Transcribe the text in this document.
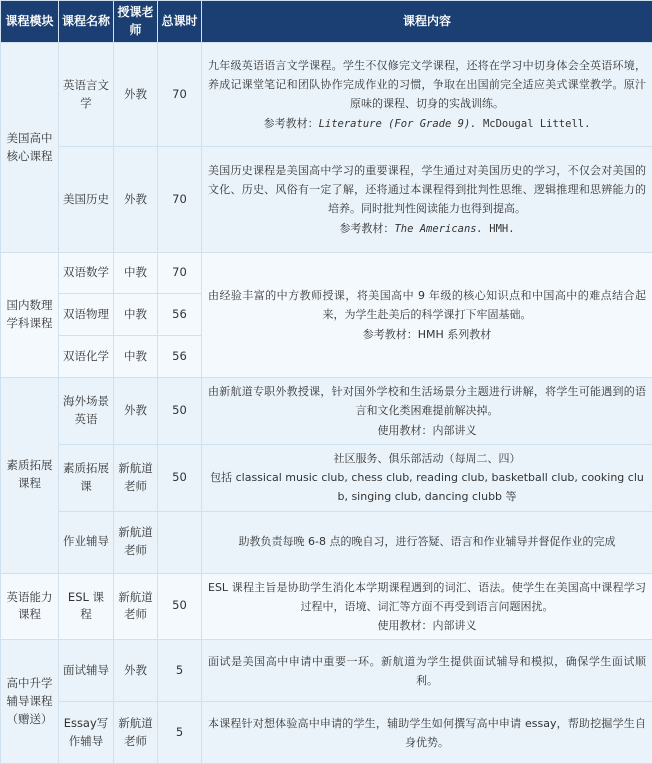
课程模块	课程名称	授课老师	总课时	课程内容
美国高中核心课程	英语言文学	外教	70	九年级英语语言文学课程。学生不仅修完文学课程，还将在学习中切身体会全英语环境，养成记课堂笔记和团队协作完成作业的习惯，争取在出国前完全适应美式课堂教学。原汁原味的课程、切身的实战训练。
参考教材：Literature (For Grade 9). McDougal Littell.

	美国历史	外教	70	美国历史课程是美国高中学习的重要课程，学生通过对美国历史的学习，不仅会对美国的文化、历史、风俗有一定了解，还将通过本课程得到批判性思维、逻辑推理和思辨能力的培养。同时批判性阅读能力也得到提高。
参考教材：The Americans. HMH.

国内数理学科课程	双语数学	中教	70	由经验丰富的中方教师授课，将美国高中 9 年级的核心知识点和中国高中的难点结合起来，为学生赴美后的科学课打下牢固基础。
参考教材：HMH 系列教材

	双语物理	中教	56	
	双语化学	中教	56	
素质拓展课程	海外场景英语	外教	50	由新航道专职外教授课，针对国外学校和生活场景分主题进行讲解，将学生可能遇到的语言和文化类困难提前解决掉。
使用教材：内部讲义

	素质拓展课	新航道老师	50	社区服务、俱乐部活动（每周二、四）
包括 classical music club, chess club, reading club, basketball club, cooking club, singing club, dancing clubb 等

	作业辅导	新航道老师		助教负责每晚 6-8 点的晚自习，进行答疑、语言和作业辅导并督促作业的完成

英语能力课程	ESL 课程	新航道老师	50	ESL 课程主旨是协助学生消化本学期课程遇到的词汇、语法。使学生在美国高中课程学习过程中，语境、词汇等方面不再受到语言问题困扰。
使用教材：内部讲义

高中升学辅导课程（赠送）	面试辅导	外教	5	面试是美国高中申请中重要一环。新航道为学生提供面试辅导和模拟，确保学生面试顺利。

	Essay写作辅导	新航道老师	5	本课程针对想体验高中申请的学生，辅助学生如何撰写高中申请 essay，帮助挖掘学生自身优势。
